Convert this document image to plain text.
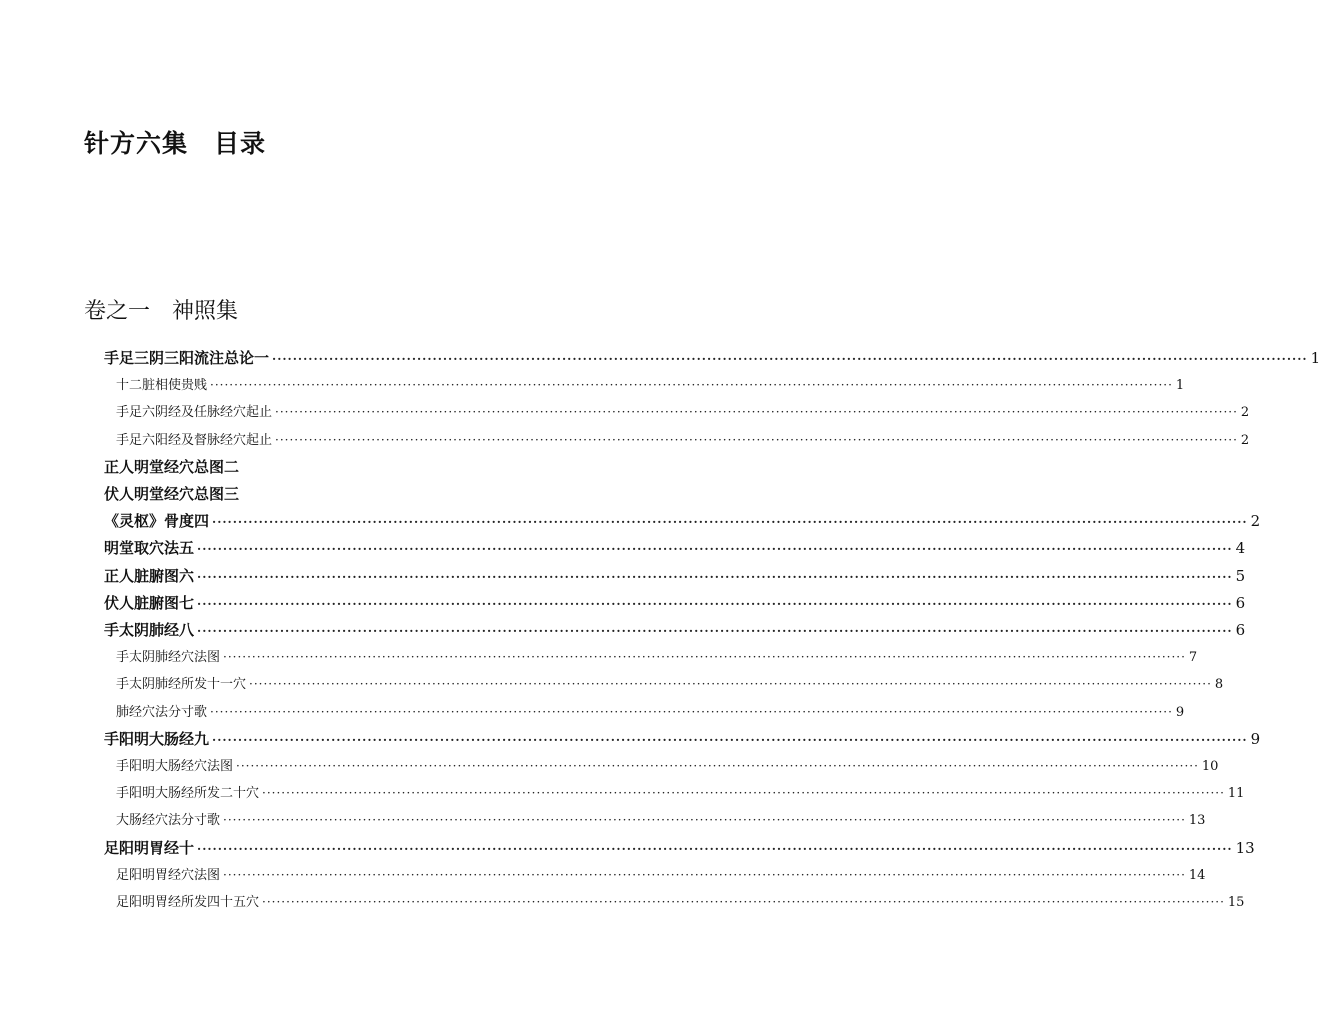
针方六集　目录
卷之一　神照集
手足三阴三阳流注总论一 ········································································································································································································ 1
十二脏相使贵贱 ········································································································································································································ 1
手足六阴经及任脉经穴起止 ········································································································································································································ 2
手足六阳经及督脉经穴起止 ········································································································································································································ 2
正人明堂经穴总图二
伏人明堂经穴总图三
《灵枢》骨度四 ········································································································································································································ 2
明堂取穴法五 ········································································································································································································ 4
正人脏腑图六 ········································································································································································································ 5
伏人脏腑图七 ········································································································································································································ 6
手太阴肺经八 ········································································································································································································ 6
手太阴肺经穴法图 ········································································································································································································ 7
手太阴肺经所发十一穴 ········································································································································································································ 8
肺经穴法分寸歌 ········································································································································································································ 9
手阳明大肠经九 ········································································································································································································ 9
手阳明大肠经穴法图 ········································································································································································································ 10
手阳明大肠经所发二十穴 ········································································································································································································ 11
大肠经穴法分寸歌 ········································································································································································································ 13
足阳明胃经十 ········································································································································································································ 13
足阳明胃经穴法图 ········································································································································································································ 14
足阳明胃经所发四十五穴 ········································································································································································································ 15
